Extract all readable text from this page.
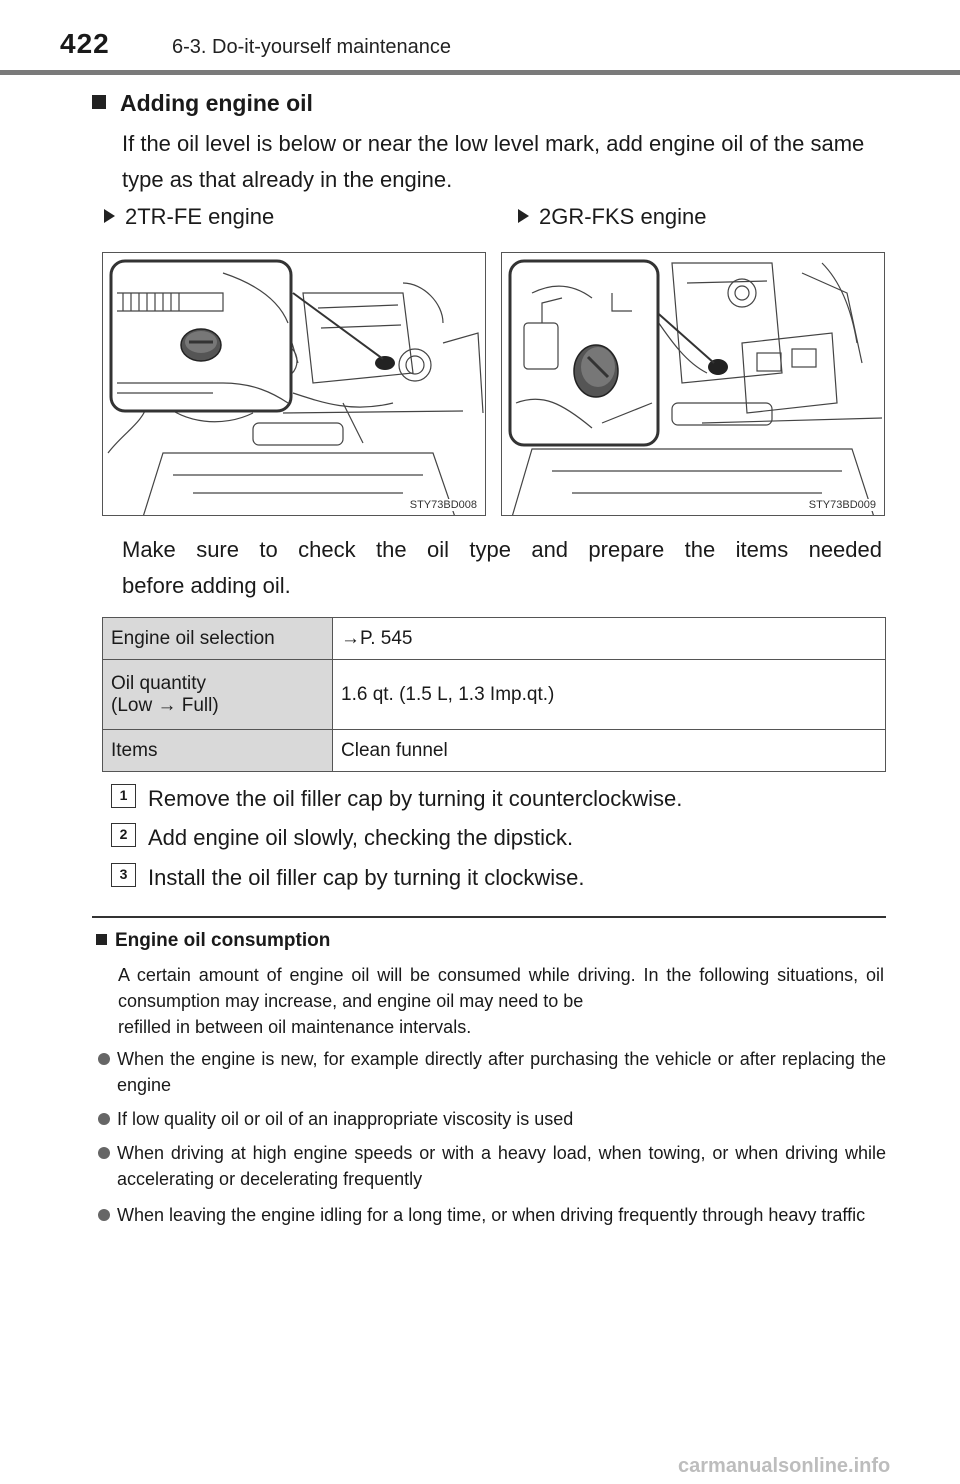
422	6-3. Do-it-yourself maintenance
Adding engine oil
If the oil level is below or near the low level mark, add engine oil of the same type as that already in the engine.
2TR-FE engine	2GR-FKS engine
STY73BD008	STY73BD009
Make sure to check the oil type and prepare the items needed
before adding oil.
Engine oil selection	→P. 545

Oil quantity
(Low → Full)	1.6 qt. (1.5 L, 1.3 Imp.qt.)
Items	Clean funnel
1 Remove the oil filler cap by turning it counterclockwise.
2 Add engine oil slowly, checking the dipstick.
3 Install the oil filler cap by turning it clockwise.
Engine oil consumption
A certain amount of engine oil will be consumed while driving. In the following situations, oil consumption may increase, and engine oil may need to be
refilled in between oil maintenance intervals.
When the engine is new, for example directly after purchasing the vehicle or after replacing the engine
If low quality oil or oil of an inappropriate viscosity is used
When driving at high engine speeds or with a heavy load, when towing, or when driving while accelerating or decelerating frequently
When leaving the engine idling for a long time, or when driving frequently through heavy traffic
carmanualsonline.info
